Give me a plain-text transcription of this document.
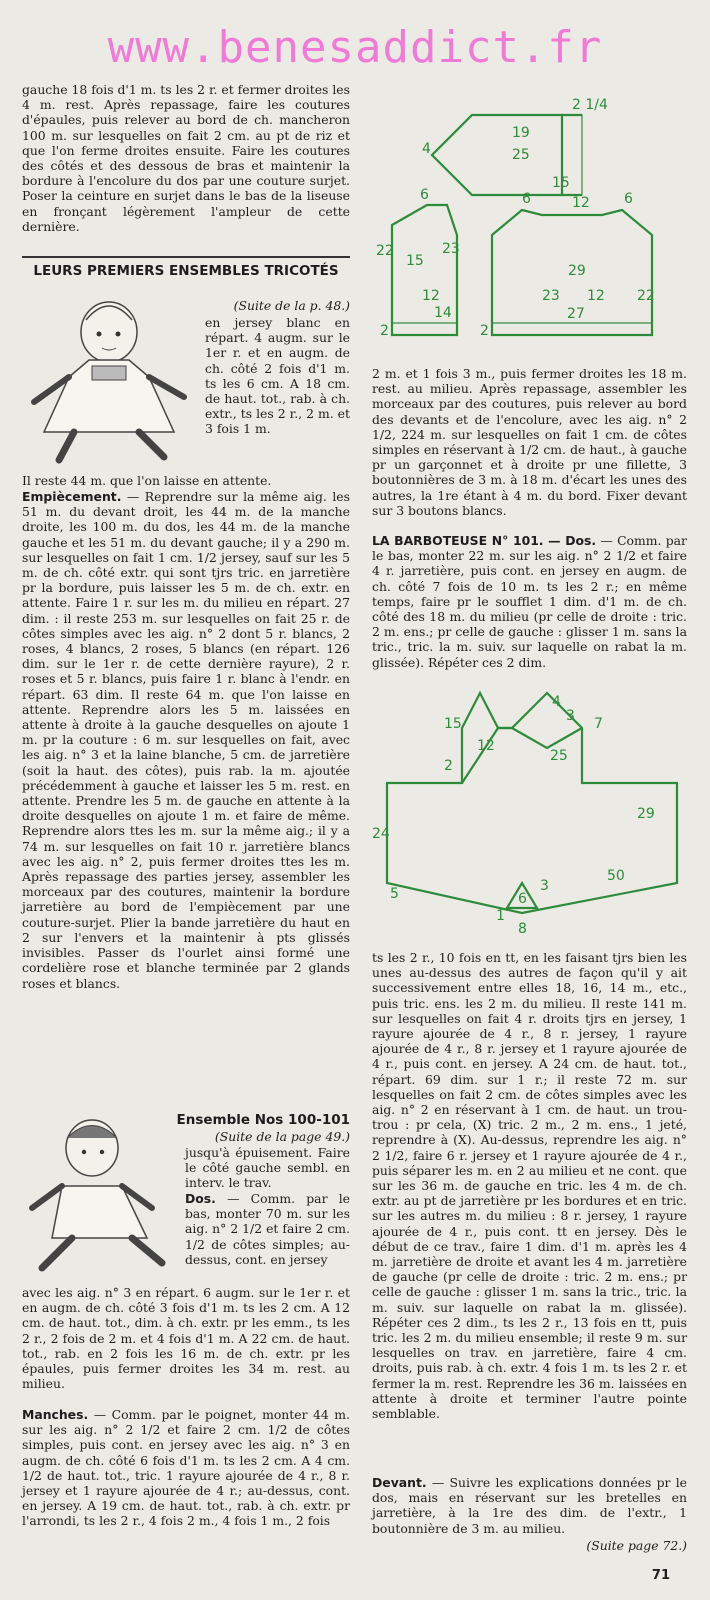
www.benesaddict.fr
gauche 18 fois d'1 m. ts les 2 r. et fermer droites les 4 m. rest. Après repassage, faire les coutures d'épaules, puis relever au bord de ch. mancheron 100 m. sur lesquelles on fait 2 cm. au pt de riz et que l'on ferme droites ensuite. Faire les coutures des côtés et des dessous de bras et maintenir la bordure à l'encolure du dos par une couture surjet. Poser la ceinture en surjet dans le bas de la liseuse en fronçant légèrement l'ampleur de cette dernière.
LEURS PREMIERS ENSEMBLES TRICOTÉS
(Suite de la p. 48.)
en jersey blanc en répart. 4 augm. sur le 1er r. et en augm. de ch. côté 2 fois d'1 m. ts les 6 cm. A 18 cm. de haut. tot., rab. à ch. extr., ts les 2 r., 2 m. et 3 fois 1 m.
Il reste 44 m. que l'on laisse en attente.
Empiècement. — Reprendre sur la même aig. les 51 m. du devant droit, les 44 m. de la manche droite, les 100 m. du dos, les 44 m. de la manche gauche et les 51 m. du devant gauche; il y a 290 m. sur lesquelles on fait 1 cm. 1/2 jersey, sauf sur les 5 m. de ch. côté extr. qui sont tjrs tric. en jarretière pr la bordure, puis laisser les 5 m. de ch. extr. en attente. Faire 1 r. sur les m. du milieu en répart. 27 dim. : il reste 253 m. sur lesquelles on fait 25 r. de côtes simples avec les aig. n° 2 dont 5 r. blancs, 2 roses, 4 blancs, 2 roses, 5 blancs (en répart. 126 dim. sur le 1er r. de cette dernière rayure), 2 r. roses et 5 r. blancs, puis faire 1 r. blanc à l'endr. en répart. 63 dim. Il reste 64 m. que l'on laisse en attente. Reprendre alors les 5 m. laissées en attente à droite à la gauche desquelles on ajoute 1 m. pr la couture : 6 m. sur lesquelles on fait, avec les aig. n° 3 et la laine blanche, 5 cm. de jarretière (soit la haut. des côtes), puis rab. la m. ajoutée précédemment à gauche et laisser les 5 m. rest. en attente. Prendre les 5 m. de gauche en attente à la droite desquelles on ajoute 1 m. et faire de même. Reprendre alors ttes les m. sur la même aig.; il y a 74 m. sur lesquelles on fait 10 r. jarretière blancs avec les aig. n° 2, puis fermer droites ttes les m. Après repassage des parties jersey, assembler les morceaux par des coutures, maintenir la bordure jarretière au bord de l'empiècement par une couture-surjet. Plier la bande jarretière du haut en 2 sur l'envers et la maintenir à pts glissés invisibles. Passer ds l'ourlet ainsi formé une cordelière rose et blanche terminée par 2 glands roses et blancs.
Ensemble Nos 100-101
(Suite de la page 49.)
jusqu'à épuisement. Faire le côté gauche sembl. en interv. le trav.
Dos. — Comm. par le bas, monter 70 m. sur les aig. n° 2 1/2 et faire 2 cm. 1/2 de côtes simples; au-dessus, cont. en jersey
avec les aig. n° 3 en répart. 6 augm. sur le 1er r. et en augm. de ch. côté 3 fois d'1 m. ts les 2 cm. A 12 cm. de haut. tot., dim. à ch. extr. pr les emm., ts les 2 r., 2 fois de 2 m. et 4 fois d'1 m. A 22 cm. de haut. tot., rab. en 2 fois les 16 m. de ch. extr. pr les épaules, puis fermer droites les 34 m. rest. au milieu.
Manches. — Comm. par le poignet, monter 44 m. sur les aig. n° 2 1/2 et faire 2 cm. 1/2 de côtes simples, puis cont. en jersey avec les aig. n° 3 en augm. de ch. côté 6 fois d'1 m. ts les 2 cm. A 4 cm. 1/2 de haut. tot., tric. 1 rayure ajourée de 4 r., 8 r. jersey et 1 rayure ajourée de 4 r.; au-dessus, cont. en jersey. A 19 cm. de haut. tot., rab. à ch. extr. pr l'arrondi, ts les 2 r., 4 fois 2 m., 4 fois 1 m., 2 fois
2 1/4
19
25
4
15
6
22	23
15
12
14
2
6	12 6
29
23 12 22
27
2
2 m. et 1 fois 3 m., puis fermer droites les 18 m. rest. au milieu. Après repassage, assembler les morceaux par des coutures, puis relever au bord des devants et de l'encolure, avec les aig. n° 2 1/2, 224 m. sur lesquelles on fait 1 cm. de côtes simples en réservant à 1/2 cm. de haut., à gauche pr un garçonnet et à droite pr une fillette, 3 boutonnières de 3 m. à 18 m. d'écart les unes des autres, la 1re étant à 4 m. du bord. Fixer devant sur 3 boutons blancs.
LA BARBOTEUSE N° 101. — Dos. — Comm. par le bas, monter 22 m. sur les aig. n° 2 1/2 et faire 4 r. jarretière, puis cont. en jersey en augm. de ch. côté 7 fois de 10 m. ts les 2 r.; en même temps, faire pr le soufflet 1 dim. d'1 m. de ch. côté des 18 m. du milieu (pr celle de droite : tric. 2 m. ens.; pr celle de gauche : glisser 1 m. sans la tric., tric. la m. suiv. sur laquelle on rabat la m. glissée). Répéter ces 2 dim.
4
3
15	7
12
25
2
24
29
5
50
6
8
1
3
ts les 2 r., 10 fois en tt, en les faisant tjrs bien les unes au-dessus des autres de façon qu'il y ait successivement entre elles 18, 16, 14 m., etc., puis tric. ens. les 2 m. du milieu. Il reste 141 m. sur lesquelles on fait 4 r. droits tjrs en jersey, 1 rayure ajourée de 4 r., 8 r. jersey, 1 rayure ajourée de 4 r., 8 r. jersey et 1 rayure ajourée de 4 r., puis cont. en jersey. A 24 cm. de haut. tot., répart. 69 dim. sur 1 r.; il reste 72 m. sur lesquelles on fait 2 cm. de côtes simples avec les aig. n° 2 en réservant à 1 cm. de haut. un trou-trou : pr cela, (X) tric. 2 m., 2 m. ens., 1 jeté, reprendre à (X). Au-dessus, reprendre les aig. n° 2 1/2, faire 6 r. jersey et 1 rayure ajourée de 4 r., puis séparer les m. en 2 au milieu et ne cont. que sur les 36 m. de gauche en tric. les 4 m. de ch. extr. au pt de jarretière pr les bordures et en tric. sur les autres m. du milieu : 8 r. jersey, 1 rayure ajourée de 4 r., puis cont. tt en jersey. Dès le début de ce trav., faire 1 dim. d'1 m. après les 4 m. jarretière de droite et avant les 4 m. jarretière de gauche (pr celle de droite : tric. 2 m. ens.; pr celle de gauche : glisser 1 m. sans la tric., tric. la m. suiv. sur laquelle on rabat la m. glissée). Répéter ces 2 dim., ts les 2 r., 13 fois en tt, puis tric. les 2 m. du milieu ensemble; il reste 9 m. sur lesquelles on trav. en jarretière, faire 4 cm. droits, puis rab. à ch. extr. 4 fois 1 m. ts les 2 r. et fermer la m. rest. Reprendre les 36 m. laissées en attente à droite et terminer l'autre pointe semblable.
Devant. — Suivre les explications données pr le dos, mais en réservant sur les bretelles en jarretière, à la 1re des dim. de l'extr., 1 boutonnière de 3 m. au milieu.
(Suite page 72.)
71
